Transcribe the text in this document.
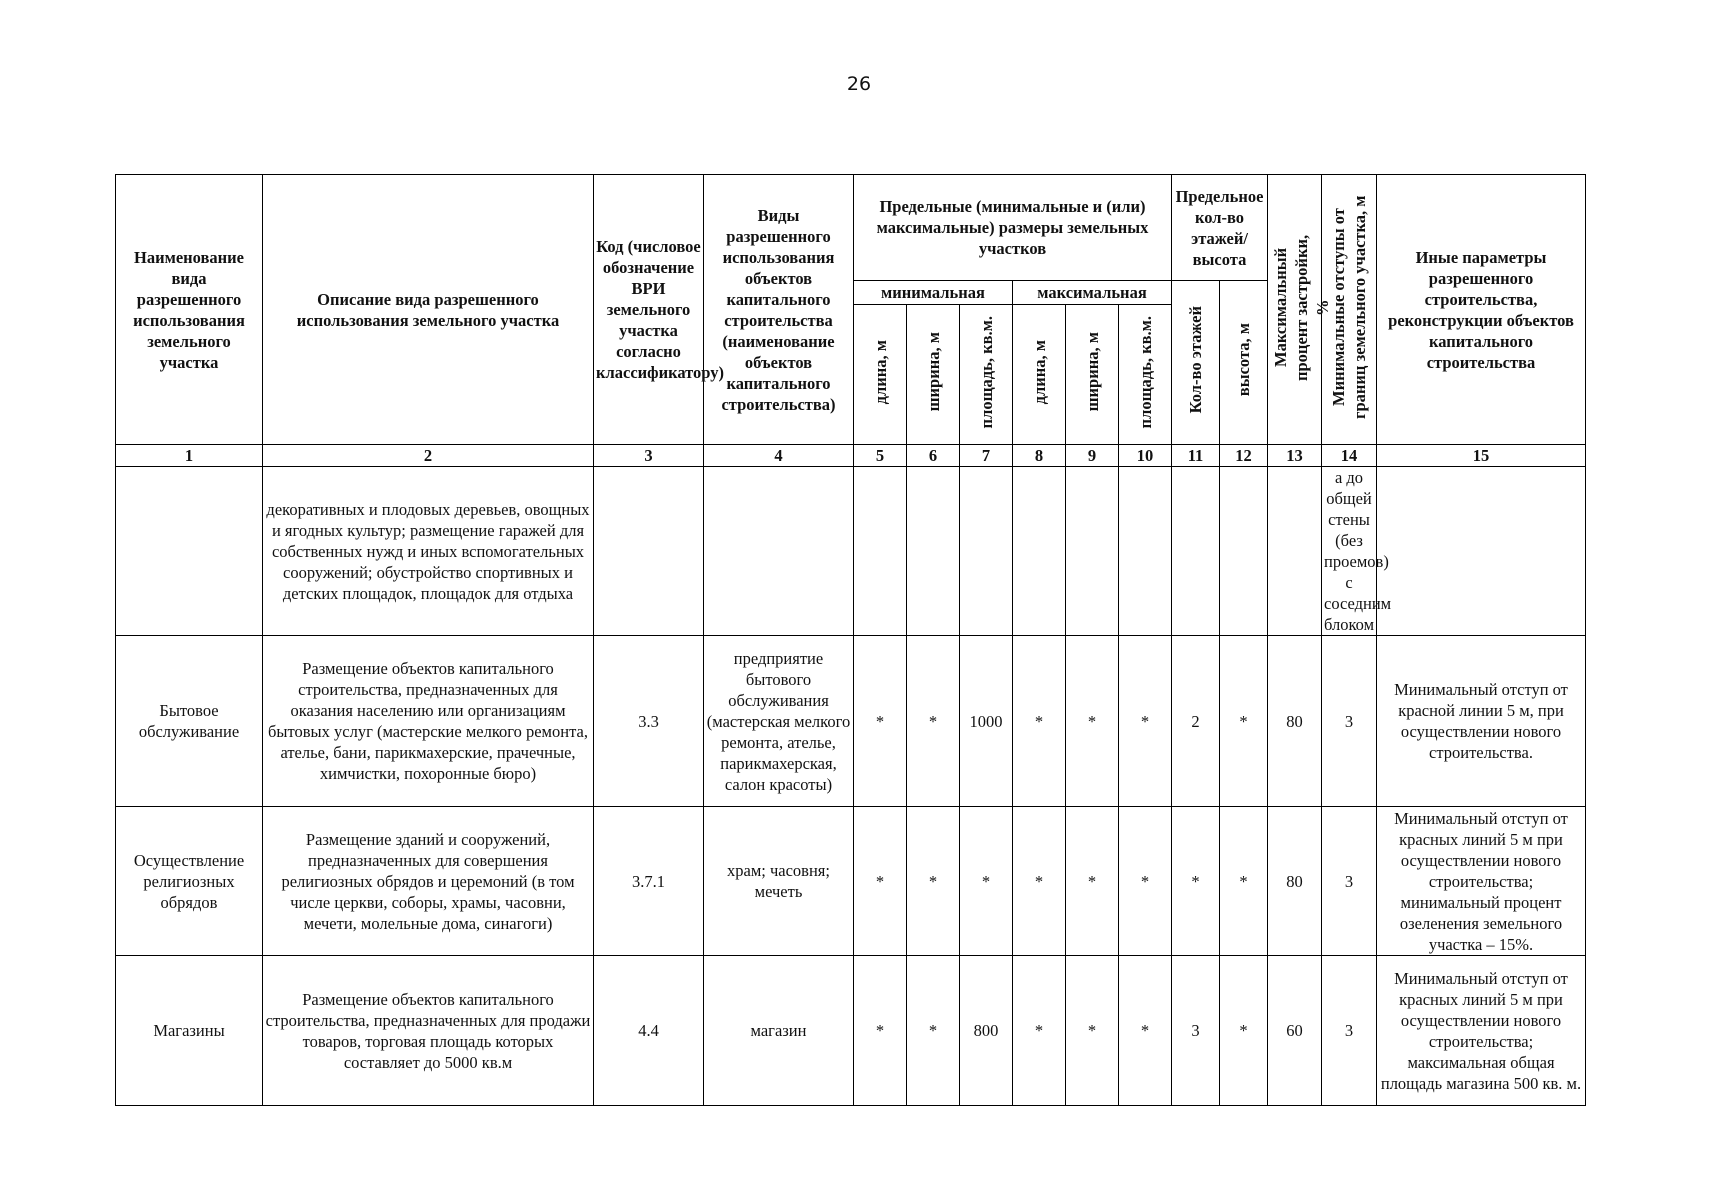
26
Наименование вида разрешенного использования земельного участка	Описание вида разрешенного использования земельного участка	Код (числовое обозначение ВРИ земельного участка согласно классификатору)	Виды разрешенного использования объектов капитального строительства (наименование объектов капитального строительства)	Предельные (минимальные и (или) максимальные) размеры земельных участков						Предельное кол-во этажей/ высота		Максимальный процент застройки, %	Минимальные отступы от границ земельного участка, м	Иные параметры разрешенного строительства, реконструкции объектов капитального строительства
				минимальная			максимальная			Кол-во этажей	высота, м			
				длина, м	ширина, м	площадь, кв.м.	длина, м	ширина, м	площадь, кв.м.					
1	2	3	4	5	6	7	8	9	10	11	12	13	14	15
	декоративных и плодовых деревьев, овощных и ягодных культур; размещение гаражей для собственных нужд и иных вспомогательных сооружений; обустройство спортивных и детских площадок, площадок для отдыха												а до общей стены (без проемов) с соседним блоком	
Бытовое обслуживание	Размещение объектов капитального строительства, предназначенных для оказания населению или организациям бытовых услуг (мастерские мелкого ремонта, ателье, бани, парикмахерские, прачечные, химчистки, похоронные бюро)	3.3	предприятие бытового обслуживания (мастерская мелкого ремонта, ателье, парикмахерская, салон красоты)	*	*	1000	*	*	*	2	*	80	3	Минимальный отступ от красной линии 5 м, при осуществлении нового строительства.
Осуществление религиозных обрядов	Размещение зданий и сооружений, предназначенных для совершения религиозных обрядов и церемоний (в том числе церкви, соборы, храмы, часовни, мечети, молельные дома, синагоги)	3.7.1	храм; часовня; мечеть	*	*	*	*	*	*	*	*	80	3	Минимальный отступ от красных линий 5 м при осуществлении нового строительства; минимальный процент озеленения земельного участка – 15%.
Магазины	Размещение объектов капитального строительства, предназначенных для продажи товаров, торговая площадь которых составляет до 5000 кв.м	4.4	магазин	*	*	800	*	*	*	3	*	60	3	Минимальный отступ от красных линий 5 м при осуществлении нового строительства; максимальная общая площадь магазина 500 кв. м.
